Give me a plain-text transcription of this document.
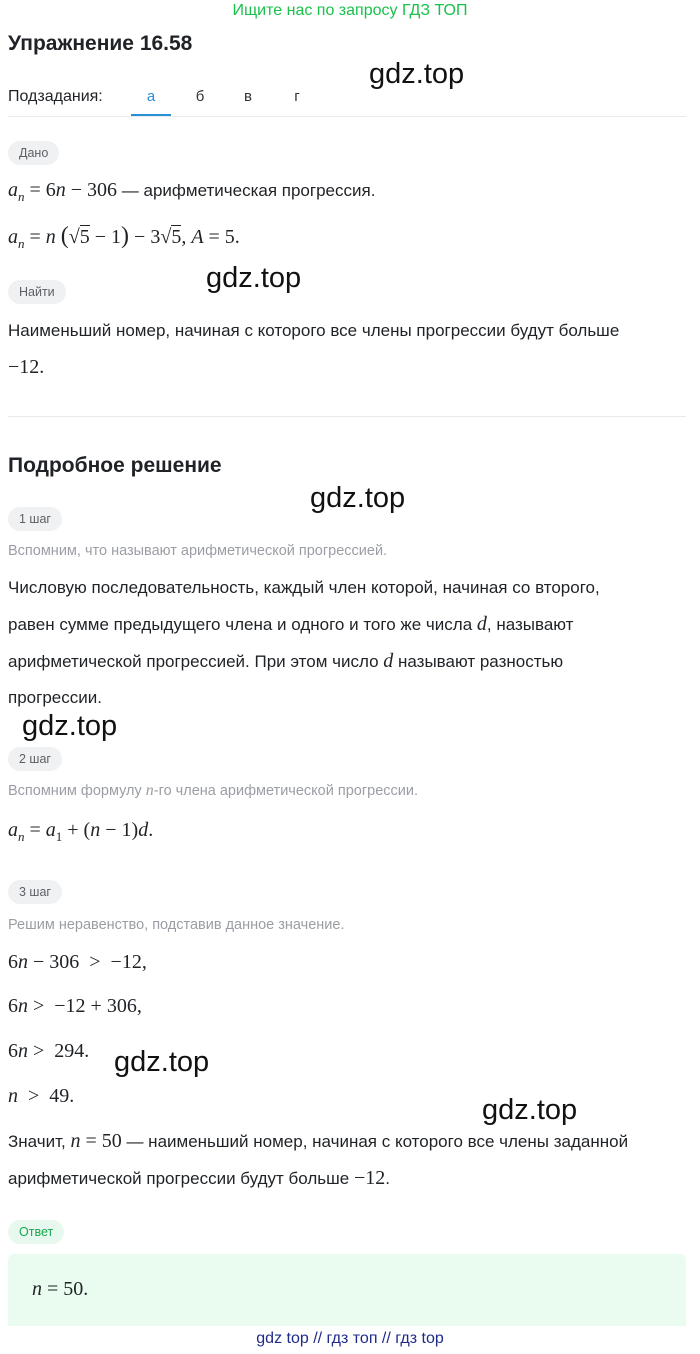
Ищите нас по запросу ГДЗ ТОП
Упражнение 16.58
Подзадания:	а	б	в	г
Дано
$a_n = 6n - 306$ — арифметическая прогрессия.
$a_n = n$ (√5 − 1) − 3√5, A = 5.
Найти
Наименьший номер, начиная с которого все члены прогрессии будут больше
−12.
Подробное решение
1 шаг
Вспомним, что называют арифметической прогрессией.
Числовую последовательность, каждый член которой, начиная со второго,
равен сумме предыдущего члена и одного и того же числа d, называют
арифметической прогрессией. При этом число d называют разностью
прогрессии.
2 шаг
Вспомним формулу n-го члена арифметической прогрессии.
$a_n = a_1 + (n - 1)d$.
3 шаг
Решим неравенство, подставив данное значение.
6n − 306  >  −12,
6n >  −12 + 306,
6n >  294.
n  >  49.
Значит, n = 50 — наименьший номер, начиная с которого все члены заданной
арифметической прогрессии будут больше −12.
Ответ
n = 50.
gdz.top
gdz.top
gdz.top
gdz.top
gdz.top
gdz.top
gdz top // гдз топ // гдз top
